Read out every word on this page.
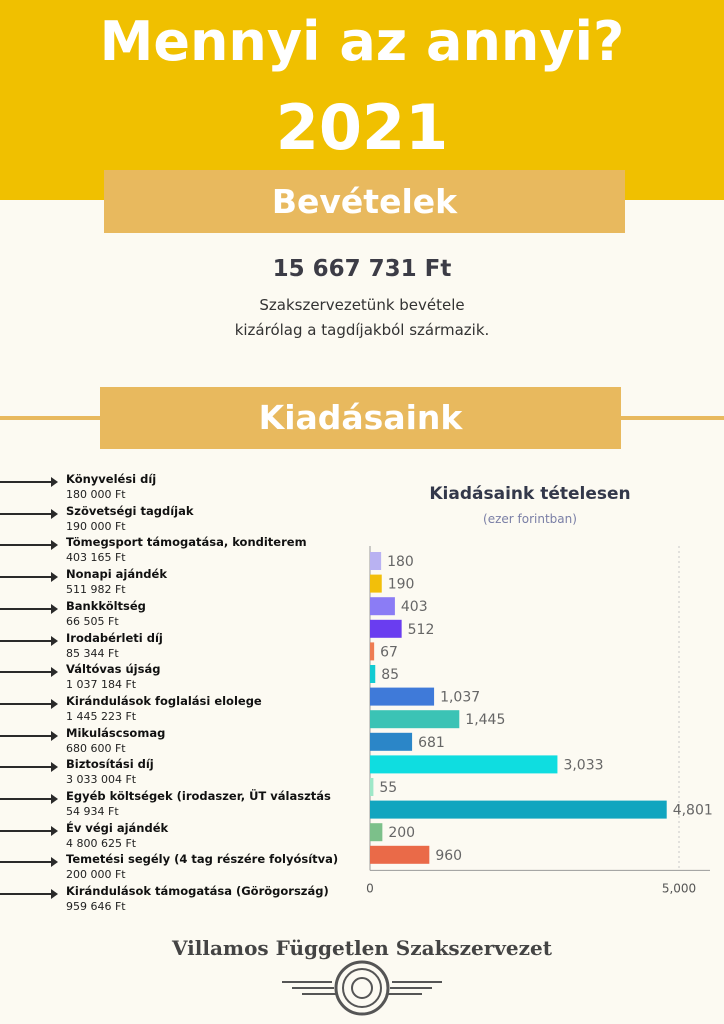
Mennyi az annyi?
2021
Bevételek
15 667 731 Ft
Szakszervezetünk bevétele kizárólag a tagdíjakból származik.
Kiadásaink
Könyvelési díj
180 000 Ft
Szövetségi tagdíjak
190 000 Ft
Tömegsport támogatása, konditerem
403 165 Ft
Nonapi ajándék
511 982 Ft
Bankköltség
66 505 Ft
Irodabérleti díj
85 344 Ft
Váltóvas újság
1 037 184 Ft
Kirándulások foglalási elolege
1 445 223 Ft
Mikuláscsomag
680 600 Ft
Biztosítási díj
3 033 004 Ft
Egyéb költségek (irodaszer, ÜT választás
54 934 Ft
Év végi ajándék
4 800 625 Ft
Temetési segély (4 tag részére folyósítva)
200 000 Ft
Kirándulások támogatása (Görögország)
959 646 Ft
Kiadásaink tételesen
(ezer forintban)
180
190
403
512
67
85
1,037
1,445
681
3,033
55
4,801
200
960
0	5,000
Villamos Független Szakszervezet
